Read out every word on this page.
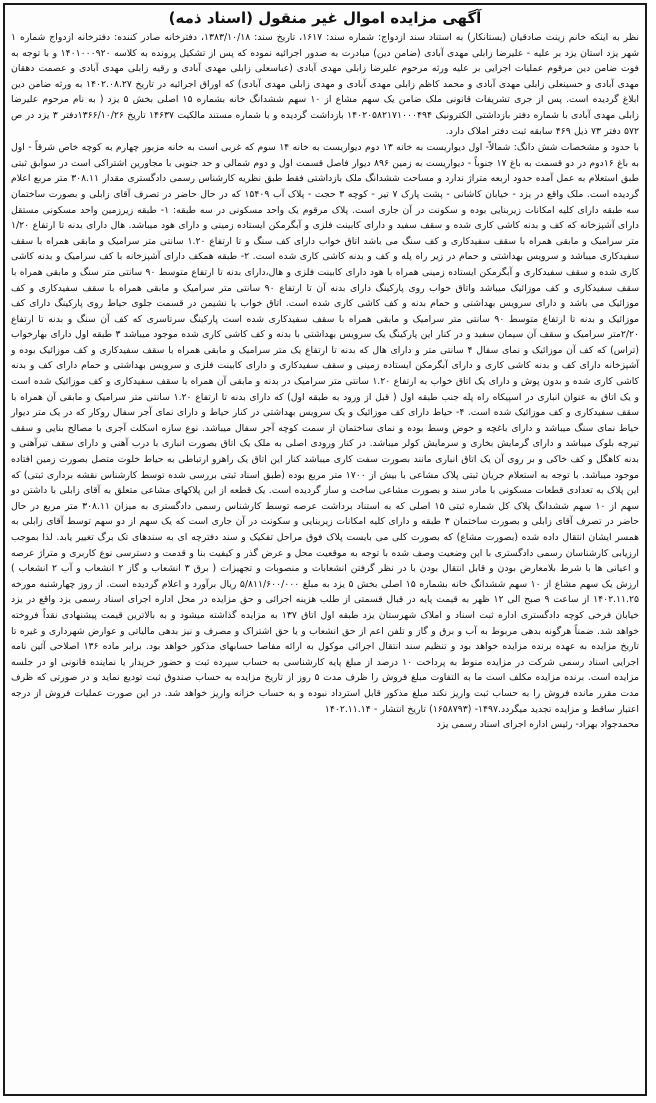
آگهی مزایده اموال غیر منقول (اسناد ذمه)

نظر به اینکه خانم زینت صادقیان (بستانکار) به استناد سند ازدواج: شماره سند: ۱۶۱۷، تاریخ سند: ۱۳۸۳/۱۰/۱۸، دفترخانه صادر کننده: دفترخانه ازدواج شماره ۱ شهر یزد استان یزد بر علیه - علیرضا زابلی مهدی آبادی (ضامن دین) مبادرت به صدور اجرائیه نموده که پس از تشکیل پرونده به کلاسه ۱۴۰۱۰۰۰۹۲۰ و با توجه به فوت ضامن دین مرقوم عملیات اجرایی بر علیه ورثه مرحوم علیرضا زابلی مهدی آبادی (عباسعلی زابلی مهدی آبادی و رقیه زابلی مهدی آبادی و عصمت دهقان مهدی آبادی و حسینعلی زابلی مهدی آبادی و محمد کاظم زابلی مهدی آبادی و مهدی زابلی مهدی آبادی) که اوراق اجرائیه در تاریخ ۱۴۰۲.۰۸.۲۷ به ورثه ضامن دین ابلاغ گردیده است. پس از جری تشریفات قانونی ملک ضامن یک سهم مشاع از ۱۰ سهم ششدانگ خانه بشماره ۱۵ اصلی بخش ۵ یزد ( به نام مرحوم علیرضا زابلی مهدی آبادی با شماره دفتر بازداشتی الکترونیک ۱۴۰۲۰۵۸۲۱۷۱۰۰۰۴۹۴ بازداشت گردیده و با شماره مستند مالکیت ۱۴۶۳۷ تاریخ ۱۳۶۶/۱۰/۲۶دفتر ۳ یزد در ص ۵۷۲ دفتر ۷۳ ذیل ۴۶۹ سابقه ثبت دفتر املاک دارد.

با حدود و مشخصات شش دانگ: شمالاً- اول دیواریست به خانه ۱۳ دوم دیواریست به خانه ۱۴ سوم که غربی است به خانه مزبور چهارم به کوچه خاص شرقاً - اول به باغ ۱۶دوم در دو قسمت به باغ ۱۷ جنوباً - دیواریست به زمین ۸۹۶ دیوار فاصل قسمت اول و دوم شمالی و حد جنوبی با مجاورین اشتراکی است در سوابق ثبتی طبق استعلام به عمل آمده حدود اربعه متراژ ندارد و مساحت ششدانگ ملک بازداشتی فقط طبق نظریه کارشناس رسمی دادگستری مقدار ۳۰۸.۱۱ متر مربع اعلام گردیده است. ملک واقع در یزد - خیابان کاشانی - پشت پارک ۷ تیر - کوچه ۳ حجت - پلاک آب ۱۵۴۰۹ که در حال حاضر در تصرف آقای زابلی و بصورت ساختمان سه طبقه دارای کلیه امکانات زیربنایی بوده و سکونت در آن جاری است. پلاک مرقوم یک واحد مسکونی در سه طبقه: ۱- طبقه زیرزمین واحد مسکونی مستقل دارای آشپزخانه که کف و بدنه کاشی کاری شده و سقف سفید و دارای کابینت فلزی و آبگرمکن ایستاده زمینی و دارای هود میباشد. هال دارای بدنه تا ارتفاع ۱/۲۰ متر سرامیک و مابقی همراه با سقف سفیدکاری و کف سنگ می باشد اتاق خواب دارای کف سنگ و تا ارتفاع ۱.۲۰ سانتی متر سرامیک و مابقی همراه با سقف سفیدکاری میباشد و سرویس بهداشتی و حمام در زیر راه پله و کف و بدنه کاشی کاری شده است. ۲- طبقه همکف دارای آشپزخانه با کف سرامیک و بدنه کاشی کاری شده و سقف سفیدکاری و آبگرمکن ایستاده زمینی همراه با هود دارای کابینت فلزی و هال،دارای بدنه تا ارتفاع متوسط ۹۰ سانتی متر سنگ و مابقی همراه با سقف سفیدکاری و کف موزائیک میباشد واتاق خواب روی پارکینگ دارای بدنه آن تا ارتفاع ۹۰ سانتی متر سرامیک و مابقی همراه با سقف سفیدکاری و کف موزائیک می باشد و دارای سرویس بهداشتی و حمام بدنه و کف کاشی کاری شده است. اتاق خواب یا نشیمن در قسمت جلوی حیاط روی پارکینگ دارای کف موزائیک و بدنه تا ارتفاع متوسط ۹۰ سانتی متر سرامیک و مابقی همراه با سقف سفیدکاری شده است پارکینگ سرتاسری که کف آن سنگ و بدنه تا ارتفاع ۲/۲۰متر سرامیک و سقف آن سیمان سفید و در کنار این پارکینگ یک سرویس بهداشتی با بدنه و کف کاشی کاری شده موجود میباشد ۳ طبقه اول دارای بهارخواب (تراس) که کف آن موزائیک و نمای سفال ۴ سانتی متر و دارای هال که بدنه تا ارتفاع یک متر سرامیک و مابقی همراه با سقف سفیدکاری و کف موزائیک بوده و آشپزخانه دارای کف و بدنه کاشی کاری و دارای آبگرمکن ایستاده زمینی و سقف سفیدکاری و دارای کابینت فلزی و سرویس بهداشتی و حمام دارای کف و بدنه کاشی کاری شده و بدون پوش و دارای یک اتاق خواب به ارتفاع ۱.۲۰ سانتی متر سرامیک در بدنه و مابقی آن همراه با سقف سفیدکاری و کف موزائیک شده است و یک اتاق به عنوان انباری در اسپیکاه راه پله جنب طبقه اول ( قبل از ورود به طبقه اول) که دارای بدنه تا ارتفاع ۱.۲۰ سانتی متر سرامیک و مابقی آن همراه با سقف سفیدکاری و کف موزائیک شده است. ۴- حیاط دارای کف موزائیک و یک سرویس بهداشتی در کنار حیاط و دارای نمای آجر سفال روکار که در یک متر دیوار حیاط نمای سنگ میباشد و دارای باغچه و حوض وسط بوده و نمای ساختمان از سمت کوچه آجر سفال میباشد. نوع سازه اسکلت آجری با مصالح بنایی و سقف تیرچه بلوک میباشد و دارای گرمایش بخاری و سرمایش کولر میباشد. در کنار ورودی اصلی به ملک یک اتاق بصورت انباری با درب آهنی و دارای سقف تیرآهنی و بدنه کاهگل و کف خاکی و بر روی آن یک اتاق انباری مانند بصورت سفت کاری میباشد کنار این اتاق یک راهرو ارتباطی به حیاط خلوت متصل بصورت زمین افتاده موجود میباشد. با توجه به استعلام جریان ثبتی پلاک مشاعی با بیش از ۱۷۰۰ متر مربع بوده (طبق اسناد ثبتی بررسی شده توسط کارشناس نقشه برداری ثبتی) که این پلاک به تعدادی قطعات مسکونی با مادر سند و بصورت مشاعی ساخت و ساز گردیده است. یک قطعه از این پلاکهای مشاعی متعلق به آقای زابلی با داشتن دو سهم از ۱۰ سهم ششدانگ پلاک کل شماره ثبتی ۱۵ اصلی که به استناد برداشت عرصه توسط کارشناس رسمی دادگستری به میزان ۳۰۸.۱۱ متر مربع در حال حاضر در تصرف آقای زابلی و بصورت ساختمان ۳ طبقه و دارای کلیه امکانات زیربنایی و سکونت در آن جاری است که یک سهم از دو سهم توسط آقای زابلی به همسر ایشان انتقال داده شده (بصورت مشاع) که بصورت کلی می بایست پلاک فوق مراحل تفکیک و سند دفترچه ای به سندهای تک برگ تغییر یابد. لذا بموجب ارزیابی کارشناسان رسمی دادگستری با این وضعیت وصف شده با توجه به موقعیت محل و عرض گذر و کیفیت بنا و قدمت و دسترسی نوع کاربری و متراژ عرصه و اعیانی ها با شرط بلامعارض بودن و قابل انتقال بودن با در نظر گرفتن انشعابات و منصوبات و تجهیزات ( برق ۳ انشعاب و گاز ۲ انشعاب و آب ۲ انشعاب ) ارزش یک سهم مشاع از ۱۰ سهم ششدانگ خانه بشماره ۱۵ اصلی بخش ۵ یزد به مبلغ ۵/۸۱۱/۶۰۰/۰۰۰ ریال برآورد و اعلام گردیده است. از روز چهارشنبه مورخه ۱۴۰۲.۱۱.۲۵ از ساعت ۹ صبح الی ۱۲ ظهر به قیمت پایه در قبال قسمتی از طلب هزینه اجرائی و حق مزایده در محل اداره اجرای اسناد رسمی یزد واقع در یزد خیابان فرخی کوچه دادگستری اداره ثبت اسناد و املاک شهرستان یزد طبقه اول اتاق ۱۳۷ به مزایده گذاشته میشود و به بالاترین قیمت پیشنهادی نقداً فروخته خواهد شد. ضمناً هرگونه بدهی مربوط به آب و برق و گاز و تلفن اعم از حق انشعاب و یا حق اشتراک و مصرف و نیز بدهی مالیاتی و عوارض شهرداری و غیره تا تاریخ مزایده به عهده برنده مزایده خواهد بود و تنظیم سند انتقال اجرائی موکول به ارائه مفاصا حسابهای مذکور خواهد بود. برابر ماده ۱۳۶ اصلاحی آئین نامه اجرایی اسناد رسمی شرکت در مزایده منوط به پرداخت ۱۰ درصد از مبلغ پایه کارشناسی به حساب سپرده ثبت و حضور خریدار یا نماینده قانونی او در جلسه مزایده است. برنده مزایده مکلف است ما به التفاوت مبلغ فروش را ظرف مدت ۵ روز از تاریخ مزایده به حساب صندوق ثبت تودیع نماید و در صورتی که ظرف مدت مقرر مانده فروش را به حساب ثبت واریز نکند مبلغ مذکور قابل استرداد نبوده و به حساب خزانه واریز خواهد شد. در این صورت عملیات فروش از درجه اعتبار ساقط و مزایده تجدید میگردد.۱۴۹۷- (۱۶۵۸۷۹۳) تاریخ انتشار - ۱۴۰۲.۱۱.۱۴

محمدجواد بهراد- رئیس اداره اجرای اسناد رسمی یزد
